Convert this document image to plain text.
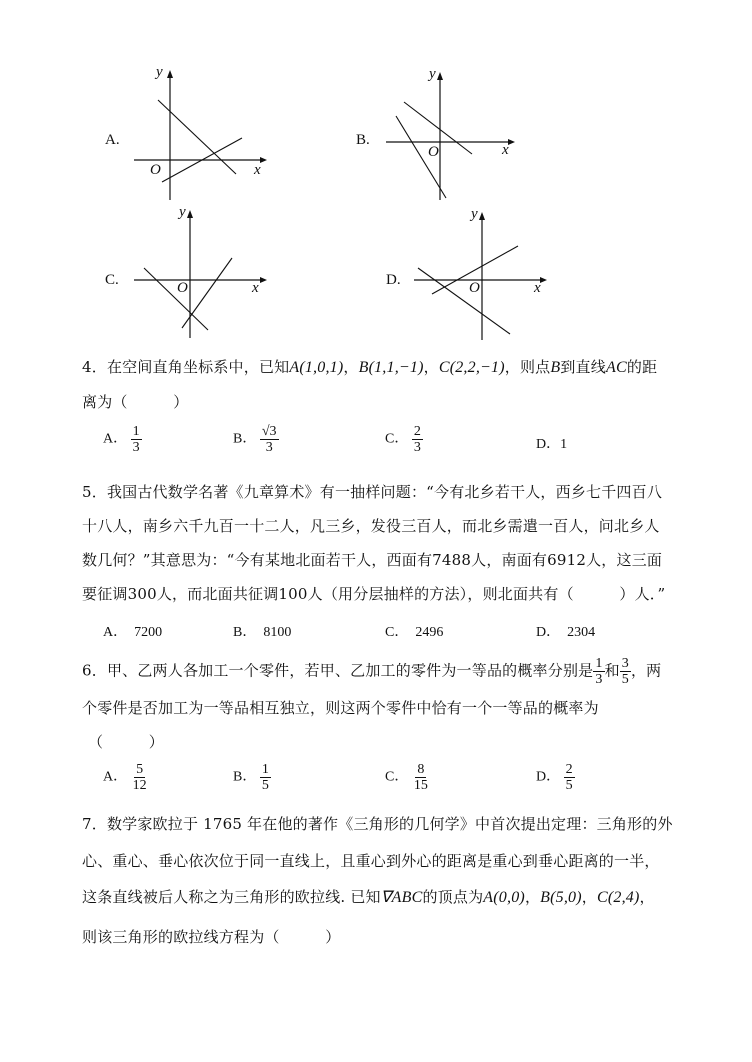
A.
y
x
O
B.
y
x
O
C.
y
x
O	D.
y
x
O
4．在空间直角坐标系中，已知A(1,0,1)，B(1,1,−1)，C(2,2,−1)，则点B到直线AC的距
离为（　　　）
A． $\frac{1}{3}$	B． $\frac{√3}{3}$	C． $\frac{2}{3}$	D．1
5．我国古代数学名著《九章算术》有一抽样问题：“今有北乡若干人，西乡七千四百八
十八人，南乡六千九百一十二人，凡三乡，发役三百人，而北乡需遣一百人，问北乡人
数几何？”其意思为：“今有某地北面若干人，西面有7488人，南面有6912人，这三面
要征调300人，而北面共征调100人（用分层抽样的方法），则北面共有（　　　）人．”
A．　7200	B．　8100	C．　2496	D．　2304
6．甲、乙两人各加工一个零件，若甲、乙加工的零件为一等品的概率分别是 $\frac{1}{3}$ 和 $\frac{3}{5}$ ，两
个零件是否加工为一等品相互独立，则这两个零件中恰有一个一等品的概率为
（　　　）
A． $\frac{5}{12}$	B． $\frac{1}{5}$	C． $\frac{8}{15}$	D． $\frac{2}{5}$
7．数学家欧拉于 1765 年在他的著作《三角形的几何学》中首次提出定理：三角形的外
心、重心、垂心依次位于同一直线上，且重心到外心的距离是重心到垂心距离的一半，
这条直线被后人称之为三角形的欧拉线. 已知∇ABC的顶点为A(0,0)，B(5,0)，C(2,4)，
则该三角形的欧拉线方程为（　　　）
